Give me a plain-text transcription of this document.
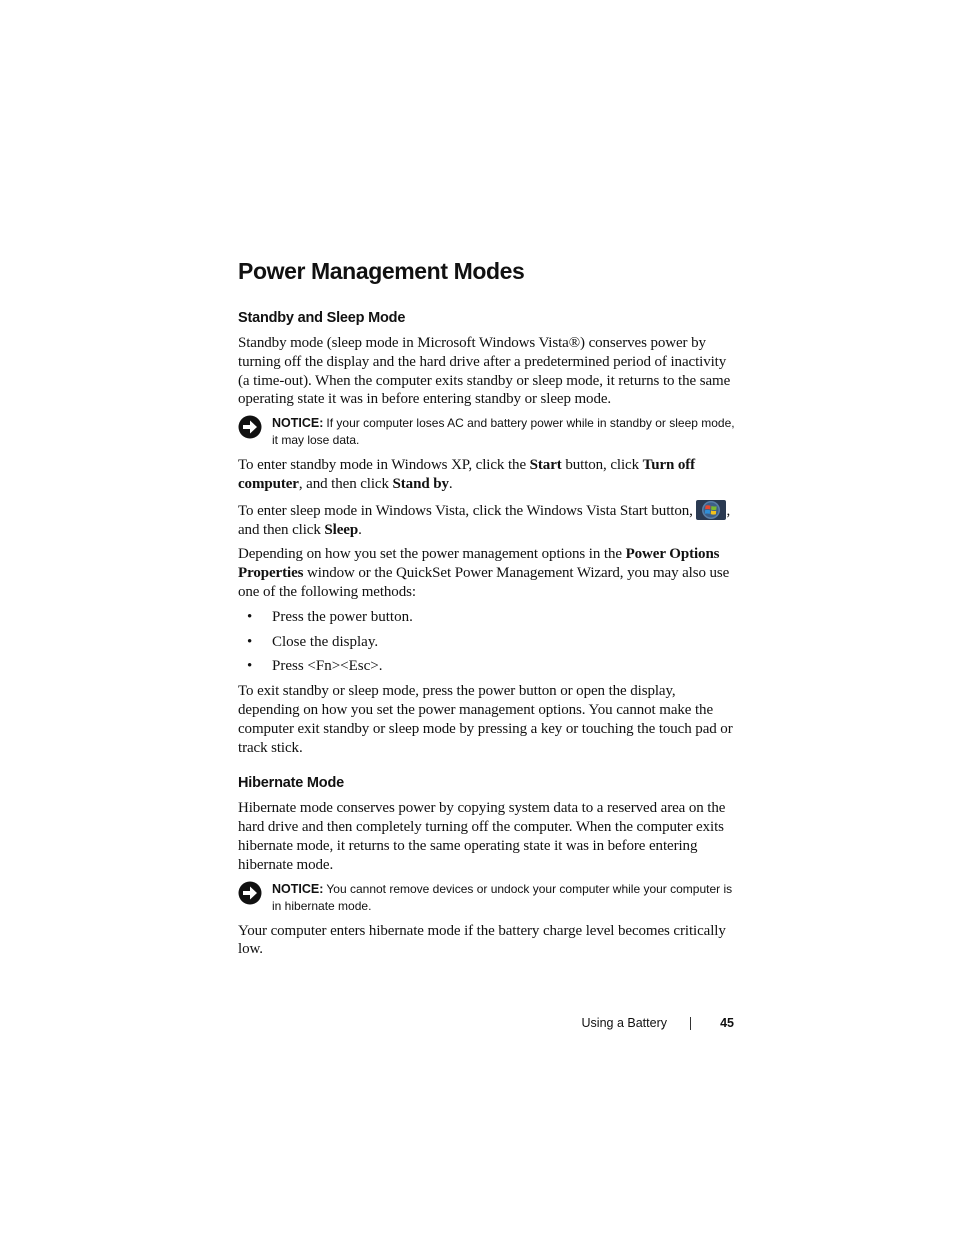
Power Management Modes
Standby and Sleep Mode

Standby mode (sleep mode in Microsoft Windows Vista®) conserves power by turning off the display and the hard drive after a predetermined period of inactivity (a time-out). When the computer exits standby or sleep mode, it returns to the same operating state it was in before entering standby or sleep mode.

NOTICE: If your computer loses AC and battery power while in standby or sleep mode, it may lose data.

To enter standby mode in Windows XP, click the Start button, click Turn off computer, and then click Stand by.

To enter sleep mode in Windows Vista, click the Windows Vista Start button, , and then click Sleep.

Depending on how you set the power management options in the Power Options Properties window or the QuickSet Power Management Wizard, you may also use one of the following methods:

• Press the power button.
• Close the display.
• Press <Fn><Esc>.

To exit standby or sleep mode, press the power button or open the display, depending on how you set the power management options. You cannot make the computer exit standby or sleep mode by pressing a key or touching the touch pad or track stick.

Hibernate Mode

Hibernate mode conserves power by copying system data to a reserved area on the hard drive and then completely turning off the computer. When the computer exits hibernate mode, it returns to the same operating state it was in before entering hibernate mode.

NOTICE: You cannot remove devices or undock your computer while your computer is in hibernate mode.

Your computer enters hibernate mode if the battery charge level becomes critically low.

Using a Battery	45
